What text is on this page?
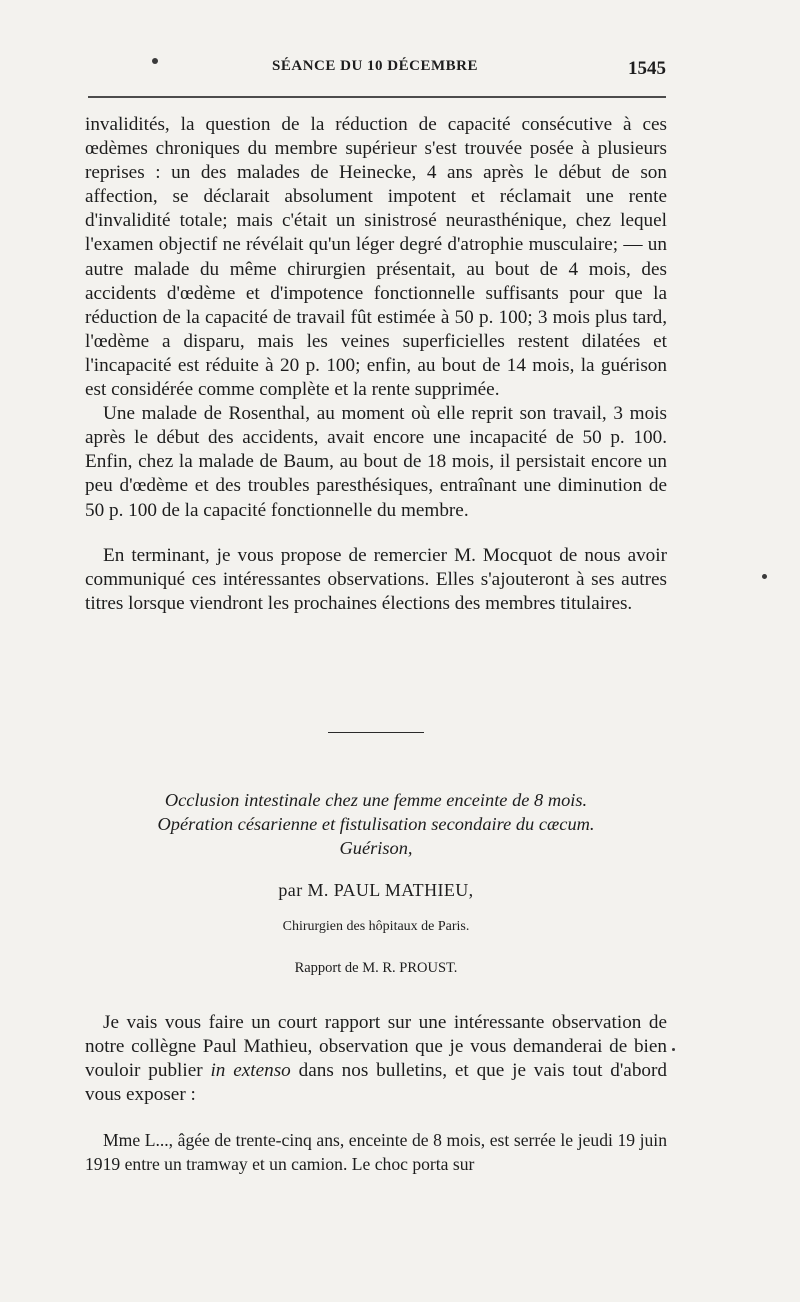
SÉANCE DU 10 DÉCEMBRE	1545

invalidités, la question de la réduction de capacité consécutive à ces œdèmes chroniques du membre supérieur s'est trouvée posée à plusieurs reprises : un des malades de Heinecke, 4 ans après le début de son affection, se déclarait absolument impotent et réclamait une rente d'invalidité totale; mais c'était un sinistrosé neurasthénique, chez lequel l'examen objectif ne révélait qu'un léger degré d'atrophie musculaire; — un autre malade du même chirurgien présentait, au bout de 4 mois, des accidents d'œdème et d'impotence fonctionnelle suffisants pour que la réduction de la capacité de travail fût estimée à 50 p. 100; 3 mois plus tard, l'œdème a disparu, mais les veines superficielles restent dilatées et l'incapacité est réduite à 20 p. 100; enfin, au bout de 14 mois, la guérison est considérée comme complète et la rente supprimée.

Une malade de Rosenthal, au moment où elle reprit son travail, 3 mois après le début des accidents, avait encore une incapacité de 50 p. 100. Enfin, chez la malade de Baum, au bout de 18 mois, il persistait encore un peu d'œdème et des troubles paresthésiques, entraînant une diminution de 50 p. 100 de la capacité fonctionnelle du membre.

En terminant, je vous propose de remercier M. Mocquot de nous avoir communiqué ces intéressantes observations. Elles s'ajouteront à ses autres titres lorsque viendront les prochaines élections des membres titulaires.

Occlusion intestinale chez une femme enceinte de 8 mois.
Opération césarienne et fistulisation secondaire du cæcum.
Guérison,
par M. PAUL MATHIEU,
Chirurgien des hôpitaux de Paris.
Rapport de M. R. PROUST.

Je vais vous faire un court rapport sur une intéressante observation de notre collègne Paul Mathieu, observation que je vous demanderai de bien vouloir publier in extenso dans nos bulletins, et que je vais tout d'abord vous exposer :

Mme L..., âgée de trente-cinq ans, enceinte de 8 mois, est serrée le jeudi 19 juin 1919 entre un tramway et un camion. Le choc porta sur
